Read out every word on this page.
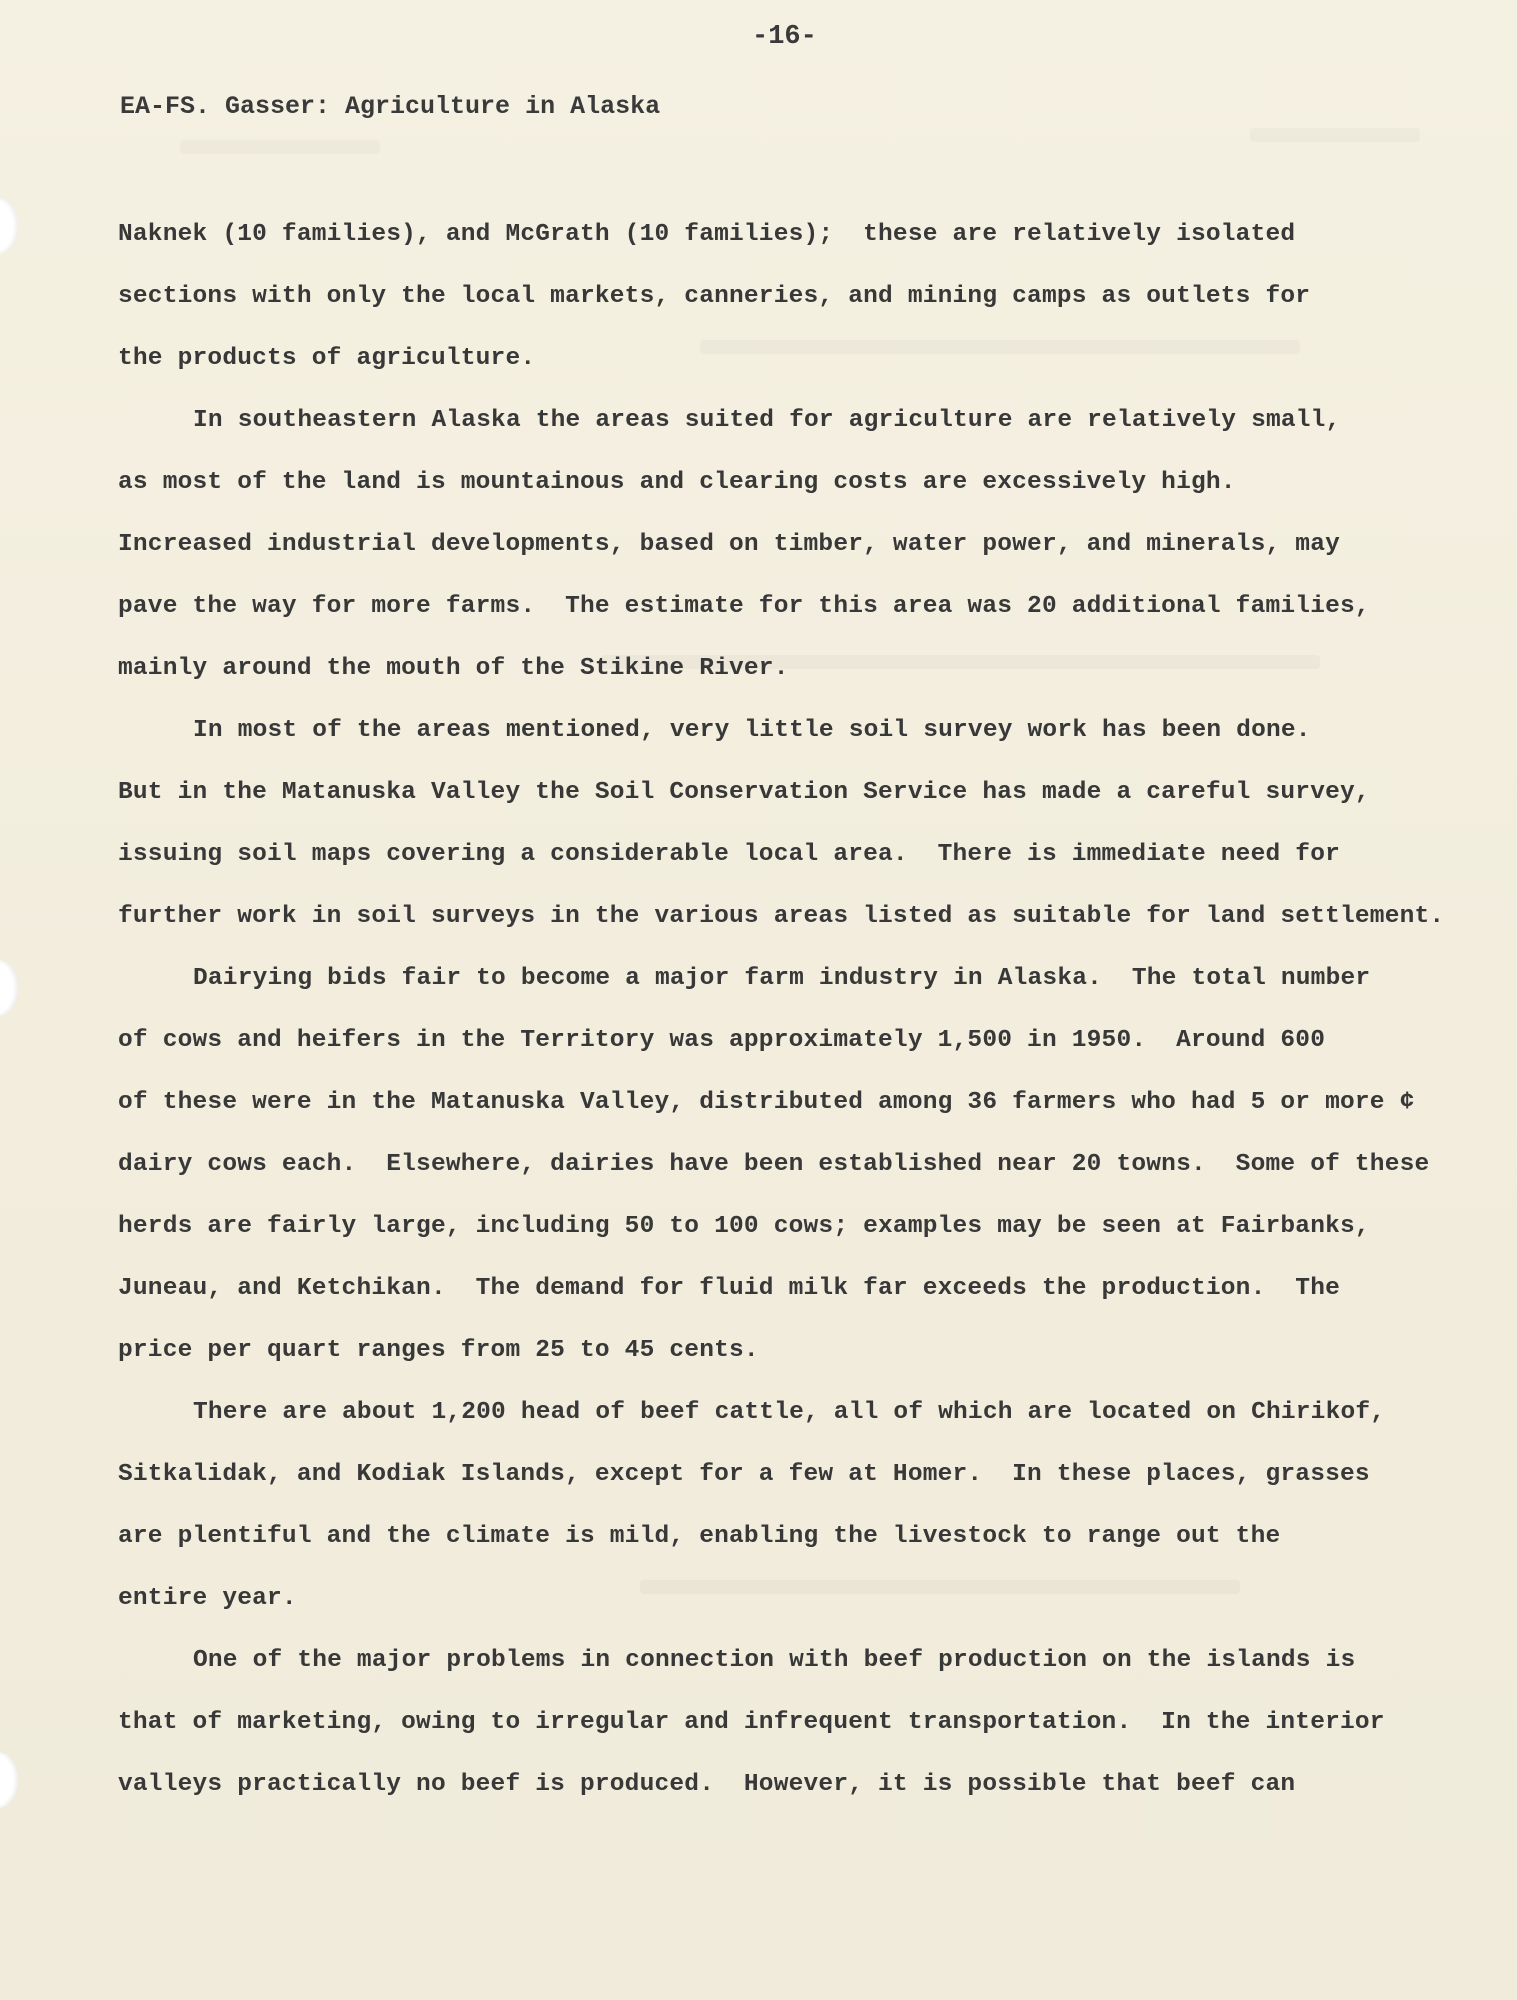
-16-
EA-FS. Gasser: Agriculture in Alaska
Naknek (10 families), and McGrath (10 families);  these are relatively isolated
sections with only the local markets, canneries, and mining camps as outlets for
the products of agriculture.
In southeastern Alaska the areas suited for agriculture are relatively small,
as most of the land is mountainous and clearing costs are excessively high.
Increased industrial developments, based on timber, water power, and minerals, may
pave the way for more farms.  The estimate for this area was 20 additional families,
mainly around the mouth of the Stikine River.
In most of the areas mentioned, very little soil survey work has been done.
But in the Matanuska Valley the Soil Conservation Service has made a careful survey,
issuing soil maps covering a considerable local area.  There is immediate need for
further work in soil surveys in the various areas listed as suitable for land settlement.
Dairying bids fair to become a major farm industry in Alaska.  The total number
of cows and heifers in the Territory was approximately 1,500 in 1950.  Around 600
of these were in the Matanuska Valley, distributed among 36 farmers who had 5 or more ¢
dairy cows each.  Elsewhere, dairies have been established near 20 towns.  Some of these
herds are fairly large, including 50 to 100 cows; examples may be seen at Fairbanks,
Juneau, and Ketchikan.  The demand for fluid milk far exceeds the production.  The
price per quart ranges from 25 to 45 cents.
There are about 1,200 head of beef cattle, all of which are located on Chirikof,
Sitkalidak, and Kodiak Islands, except for a few at Homer.  In these places, grasses
are plentiful and the climate is mild, enabling the livestock to range out the
entire year.
One of the major problems in connection with beef production on the islands is
that of marketing, owing to irregular and infrequent transportation.  In the interior
valleys practically no beef is produced.  However, it is possible that beef can
